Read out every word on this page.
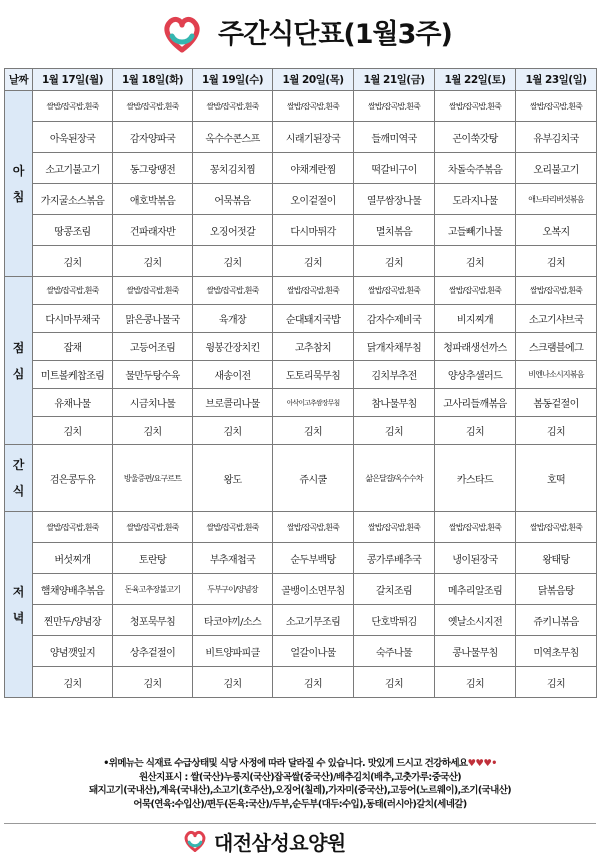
주간식단표(1월3주)
날짜	1월 17일(월)	1월 18일(화)	1월 19일(수)	1월 20일(목)	1월 21일(금)	1월 22일(토)	1월 23일(일)

아
침	쌀밥/잡곡밥,흰죽	쌀밥/잡곡밥,흰죽	쌀밥/잡곡밥,흰죽	쌀밥/잡곡밥,흰죽	쌀밥/잡곡밥,흰죽	쌀밥/잡곡밥,흰죽	쌀밥/잡곡밥,흰죽
	아욱된장국	감자양파국	옥수수콘스프	시래기된장국	들깨미역국	곤이쑥갓탕	유부김치국
	소고기불고기	동그랑땡전	꽁치김치찜	야채계란찜	떡갈비구이	차돌숙주볶음	오리불고기
	가지굴소스볶음	애호박볶음	어묵볶음	오이겉절이	열무쌈장나물	도라지나물	애느타리버섯볶음
	땅콩조림	건파래자반	오징어젓갈	다시마튀각	멸치볶음	고들빼기나물	오복지
	김치	김치	김치	김치	김치	김치	김치

점
심	쌀밥/잡곡밥,흰죽	쌀밥/잡곡밥,흰죽	쌀밥/잡곡밥,흰죽	쌀밥/잡곡밥,흰죽	쌀밥/잡곡밥,흰죽	쌀밥/잡곡밥,흰죽	쌀밥/잡곡밥,흰죽
	다시마무채국	맑은콩나물국	육개장	순대돼지국밥	감자수제비국	비지찌개	소고기샤브국
	잡채	고등어조림	윙봉간장치킨	고추참치	닭개자채무침	청파래생선까스	스크램블에그
	미트볼케찹조림	물만두탕수육	새송이전	도토리묵무침	김치부추전	양상추샐러드	비엔나소시지볶음
	유채나물	시금치나물	브로콜리나물	아삭이고추쌈장무침	참나물무침	고사리들깨볶음	봄동겉절이
	김치	김치	김치	김치	김치	김치	김치

간
식	검은콩두유	방울증편/요구르트	왕도	쥬시쿨	삶은달걀/옥수수차	카스타드	호떡

저
녁	쌀밥/잡곡밥,흰죽	쌀밥/잡곡밥,흰죽	쌀밥/잡곡밥,흰죽	쌀밥/잡곡밥,흰죽	쌀밥/잡곡밥,흰죽	쌀밥/잡곡밥,흰죽	쌀밥/잡곡밥,흰죽
	버섯찌개	토란탕	부추재첩국	순두부백탕	콩가루배추국	냉이된장국	왕태탕
	햄채양배추볶음	돈육고추장불고기	두부구이/양념장	골뱅이소면무침	갈치조림	메추리알조림	닭볶음탕
	찐만두/양념장	청포묵무침	타코야끼/소스	소고기무조림	단호박튀김	옛날소시지전	쥬키니볶음
	양념깻잎지	상추겉절이	비트양파피클	얼갈이나물	숙주나물	콩나물무침	미역초무침
	김치	김치	김치	김치	김치	김치	김치
•위메뉴는 식재료 수급상태및 식당 사정에 따라 달라질 수 있습니다. 맛있게 드시고 건강하세요♥♥♥•
원산지표시 : 쌀(국산)누룽지(국산)잡곡쌀(중국산)/배추김치(배추,고춧가루:중국산)
돼지고기(국내산),계육(국내산),소고기(호주산),오징어(칠레),가자미(중국산),고등어(노르웨이),조기(국내산)
어묵(연육:수입산)/편두(돈육:국산)/두부,순두부(대두:수입),동태(러시아)갈치(세네갈)
대전삼성요양원
